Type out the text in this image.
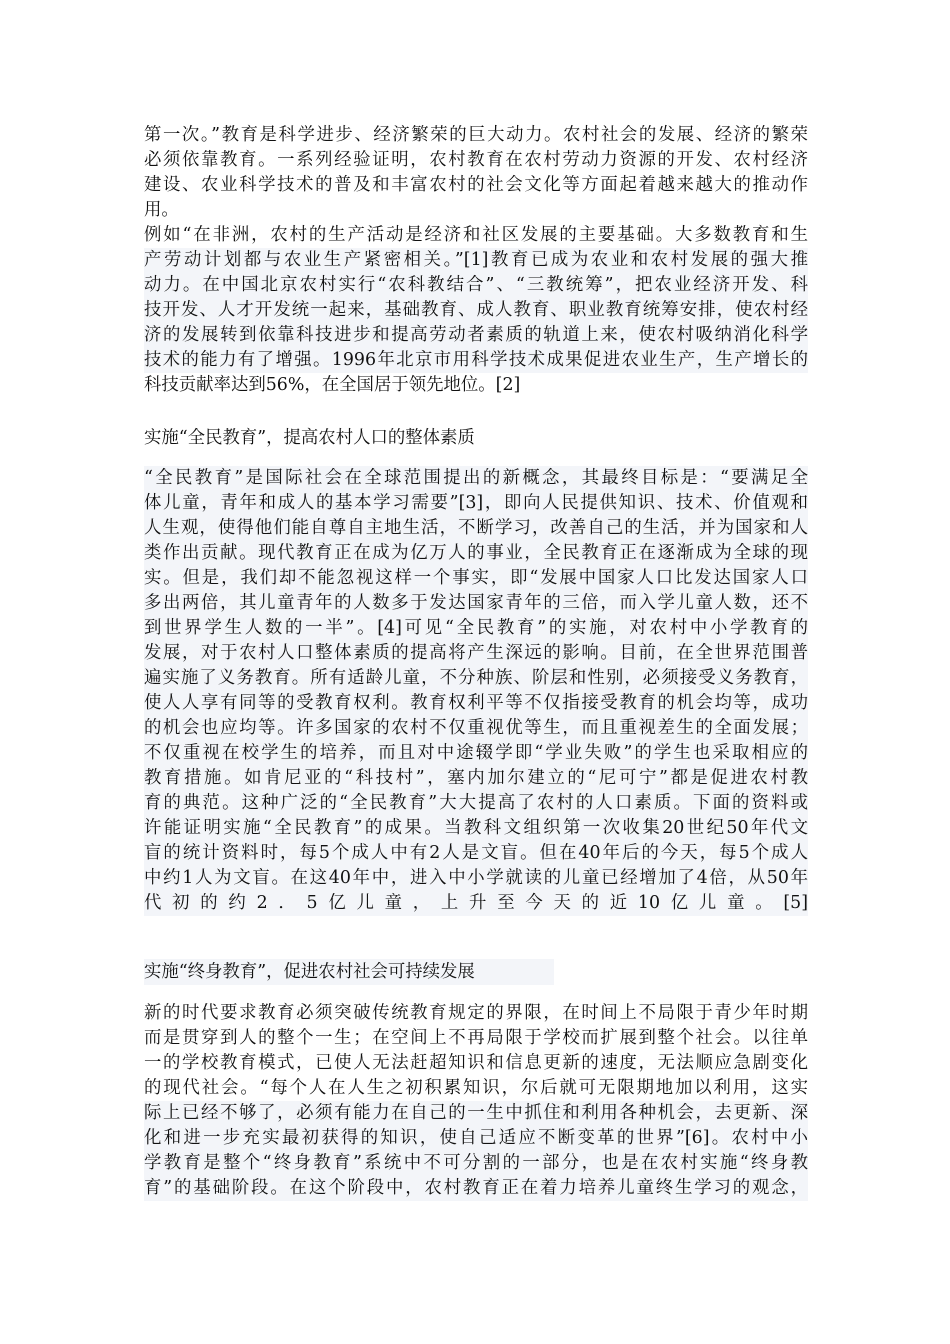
第一次。”教育是科学进步、经济繁荣的巨大动力。农村社会的发展、经济的繁荣
必须依靠教育。一系列经验证明，农村教育在农村劳动力资源的开发、农村经济
建设、农业科学技术的普及和丰富农村的社会文化等方面起着越来越大的推动作
用。
例如“在非洲，农村的生产活动是经济和社区发展的主要基础。大多数教育和生
产劳动计划都与农业生产紧密相关。”[1]教育已成为农业和农村发展的强大推
动力。在中国北京农村实行“农科教结合”、“三教统筹”，把农业经济开发、科
技开发、人才开发统一起来，基础教育、成人教育、职业教育统筹安排，使农村经
济的发展转到依靠科技进步和提高劳动者素质的轨道上来，使农村吸纳消化科学
技术的能力有了增强。1996年北京市用科学技术成果促进农业生产，生产增长的
科技贡献率达到56%，在全国居于领先地位。[2]
实施“全民教育”，提高农村人口的整体素质
“全民教育”是国际社会在全球范围提出的新概念，其最终目标是：“要满足全
体儿童，青年和成人的基本学习需要”[3]，即向人民提供知识、技术、价值观和
人生观，使得他们能自尊自主地生活，不断学习，改善自己的生活，并为国家和人
类作出贡献。现代教育正在成为亿万人的事业，全民教育正在逐渐成为全球的现
实。但是，我们却不能忽视这样一个事实，即“发展中国家人口比发达国家人口
多出两倍，其儿童青年的人数多于发达国家青年的三倍，而入学儿童人数，还不
到世界学生人数的一半”。[4]可见“全民教育”的实施，对农村中小学教育的
发展，对于农村人口整体素质的提高将产生深远的影响。目前，在全世界范围普
遍实施了义务教育。所有适龄儿童，不分种族、阶层和性别，必须接受义务教育，
使人人享有同等的受教育权利。教育权利平等不仅指接受教育的机会均等，成功
的机会也应均等。许多国家的农村不仅重视优等生，而且重视差生的全面发展；
不仅重视在校学生的培养，而且对中途辍学即“学业失败”的学生也采取相应的
教育措施。如肯尼亚的“科技村”，塞内加尔建立的“尼可宁”都是促进农村教
育的典范。这种广泛的“全民教育”大大提高了农村的人口素质。下面的资料或
许能证明实施“全民教育”的成果。当教科文组织第一次收集20世纪50年代文
盲的统计资料时，每5个成人中有2人是文盲。但在40年后的今天，每5个成人
中约1人为文盲。在这40年中，进入中小学就读的儿童已经增加了4倍，从50年
代初的约2．5亿儿童，上升至今天的近10亿儿童。[5]
实施“终身教育”，促进农村社会可持续发展
新的时代要求教育必须突破传统教育规定的界限，在时间上不局限于青少年时期
而是贯穿到人的整个一生；在空间上不再局限于学校而扩展到整个社会。以往单
一的学校教育模式，已使人无法赶超知识和信息更新的速度，无法顺应急剧变化
的现代社会。“每个人在人生之初积累知识，尔后就可无限期地加以利用，这实
际上已经不够了，必须有能力在自己的一生中抓住和利用各种机会，去更新、深
化和进一步充实最初获得的知识，使自己适应不断变革的世界”[6]。农村中小
学教育是整个“终身教育”系统中不可分割的一部分，也是在农村实施“终身教
育”的基础阶段。在这个阶段中，农村教育正在着力培养儿童终生学习的观念，
